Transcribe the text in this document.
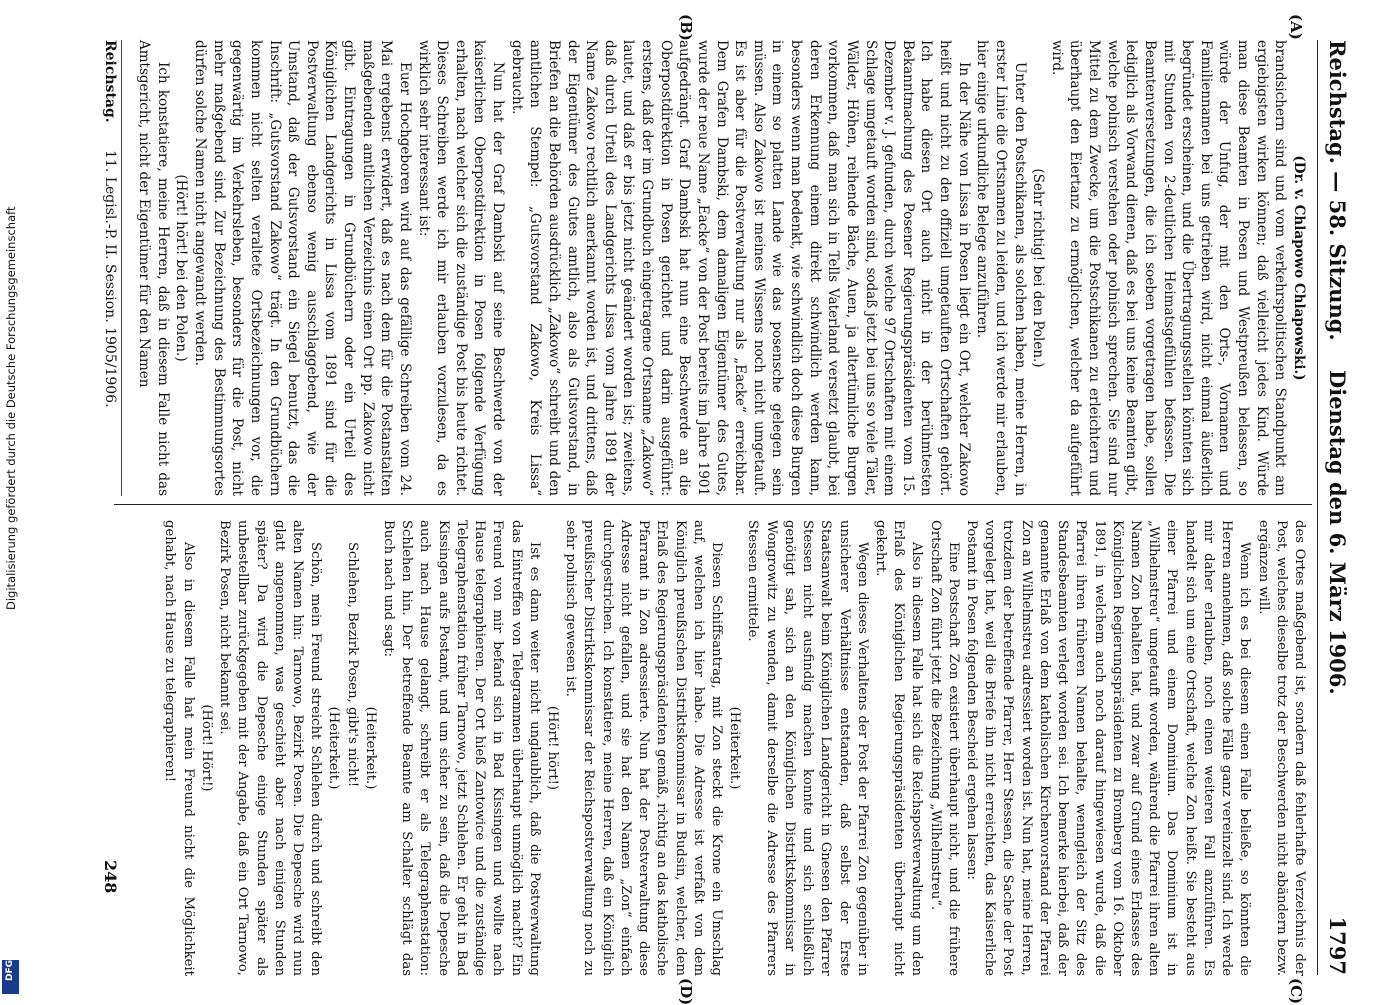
Reichstag. — 58. Sitzung.
Dienstag den 6. März 1906.
1797
(A)
(B)
(C)
(D)

(Dr. v. Chlapowo Chlapowski.)

brandsichern sind und vom verkehrspolitischen Standpunkt am ergiebigsten wirken können; daß vielleicht jedes Kind. Würde man diese Beamten in Posen und Westpreußen belassen, so würde der Unfug, der mit den Orts-, Vornamen und Familiennamen bei uns getrieben wird, nicht einmal äußerlich begründet erscheinen, und die Übertragungsstellen könnten sich mit Stunden von 2-deutlichen Heimatsgefühlen befassen. Die Beamtenversetzungen, die ich soeben vorgetragen habe, sollen lediglich als Vorwand dienen, daß es bei uns keine Beamten gibt, welche polnisch verstehen oder polnisch sprechen. Sie sind nur Mittel zu dem Zwecke, um die Postschikanen zu erleichtern und überhaupt den Eiertanz zu ermöglichen, welcher da aufgeführt wird.

(Sehr richtig! bei den Polen.)

Unter den Postschikanen, als solchen haben, meine Herren, in erster Linie die Ortsnamen zu leiden, und ich werde mir erlauben, hier einige urkundliche Belege anzuführen.

In der Nähe von Lissa in Posen liegt ein Ort, welcher Zakowo heißt und nicht zu den offiziell umgetauften Ortschaften gehört. Ich habe diesen Ort auch nicht in der berühmtesten Bekanntmachung des Posener Regierungspräsidenten vom 15. Dezember v. J. gefunden, durch welche 97 Ortschaften mit einem Schlage umgetauft worden sind, sodaß jetzt bei uns so viele Täler, Wälder, Höhen, reihende Bäche, Auen, ja altertümliche Burgen vorkommen, daß man sich in Tells Vaterland versetzt glaubt, bei deren Erkennung einem direkt schwindlich werden kann, besonders wenn man bedenkt, wie schwindlich doch diese Burgen in einem so platten Lande wie das posensche gelegen sein müssen. Also Zakowo ist meines Wissens noch nicht umgetauft. Es ist aber für die Postverwaltung nur als „Eacke“ erreichbar. Dem Grafen Dambski, dem damaligen Eigentümer des Gutes, wurde der neue Name „Eacke“ von der Post bereits im Jahre 1901 aufgedrängt. Graf Dambski hat nun eine Beschwerde an die Oberpostdirektion in Posen gerichtet und darin ausgeführt: erstens, daß der im Grundbuch eingetragene Ortsname „Zakowo“ lautet, und daß er bis jetzt nicht geändert worden ist; zweitens, daß durch Urteil des Landgerichts Lissa vom Jahre 1891 der Name Zakowo rechtlich anerkannt worden ist, und drittens, daß der Eigentümer des Gutes amtlich, also als Gutsvorstand, in Briefen an die Behörden ausdrücklich „Zakowo“ schreibt und den amtlichen Stempel: „Gutsvorstand Zakowo, Kreis Lissa“ gebraucht.

Nun hat der Graf Dambski auf seine Beschwerde von der kaiserlichen Oberpostdirektion in Posen folgende Verfügung erhalten, nach welcher sich die zuständige Post bis heute richtet. Dieses Schreiben werde ich mir erlauben vorzulesen, da es wirklich sehr interessant ist:

Euer Hochgeboren wird auf das gefällige Schreiben vom 24. Mai ergebenst erwidert, daß es nach dem für die Postanstalten maßgebenden amtlichen Verzeichnis einen Ort pp. Zakowo nicht gibt. Eintragungen in Grundbüchern oder ein Urteil des Königlichen Landgerichts in Lissa vom 1891 sind für die Postverwaltung ebenso wenig ausschlaggebend, wie der Umstand, daß der Gutsvorstand ein Siegel benutzt, das die Inschrift: „Gutsvorstand Zakowo“ trägt. In den Grundbüchern kommen nicht selten veraltete Ortsbezeichnungen vor, die gegenwärtig im Verkehrsleben, besonders für die Post, nicht mehr maßgebend sind. Zur Bezeichnung des Bestimmungsortes dürfen solche Namen nicht angewandt werden.

(Hört! hört! bei den Polen.)

Ich konstatiere, meine Herren, daß in diesem Falle nicht das Amtsgericht, nicht der Eigentümer für den Namen

des Ortes maßgebend ist, sondern daß fehlerhafte Verzeichnis der Post, welches dieselbe trotz der Beschwerden nicht abändern bezw. ergänzen will.

Wenn ich es bei diesem einen Falle beließe, so könnten die Herren annehmen, daß solche Fälle ganz vereinzelt sind. Ich werde mir daher erlauben, noch einen weiteren Fall anzuführen. Es handelt sich um eine Ortschaft, welche Zon heißt. Sie besteht aus einer Pfarrei und einem Dominium. Das Dominium ist in „Wilhelmstreu“ umgetauft worden, während die Pfarrei ihren alten Namen Zon behalten hat, und zwar auf Grund eines Erlasses des Königlichen Regierungspräsidenten zu Bromberg vom 16. Oktober 1891, in welchem auch noch darauf hingewiesen wurde, daß die Pfarrei ihren früheren Namen behalte, wenngleich der Sitz des Standesbeamten verlegt worden sei. Ich bemerke hierbei, daß der genannte Erlaß von dem katholischen Kirchenvorstand der Pfarrei Zon an Wilhelmstreu adressiert worden ist. Nun hat, meine Herren, trotzdem der betreffende Pfarrer, Herr Stessen, die Sache der Post vorgelegt hat, weil die Briefe ihn nicht erreichten, das Kaiserliche Postamt in Posen folgenden Bescheid ergehen lassen:

Eine Postschaft Zon existiert überhaupt nicht, und die frühere Ortschaft Zon führt jetzt die Bezeichnung „Wilhelmstreu“.

Also in diesem Falle hat sich die Reichspostverwaltung um den Erlaß des Königlichen Regierungspräsidenten überhaupt nicht gekehrt.

Wegen dieses Verhaltens der Post der Pfarrei Zon gegenüber in unsicherer Verhältnisse entstanden, daß selbst der Erste Staatsanwalt beim Königlichen Landgericht in Gnesen den Pfarrer Stessen nicht ausfindig machen konnte und sich schließlich genötigt sah, sich an den Königlichen Distriktskommissar in Wongrowitz zu wenden, damit derselbe die Adresse des Pfarrers Stessen ermittele.

(Heiterkeit.)

Diesen Schiffsantrag, mit Zon steckt die Krone ein Umschlag auf, welchen ich hier habe. Die Adresse ist verfaßt von dem Königlich preußischen Distriktskommissar in Budsin, welcher, dem Erlaß des Regierungspräsidenten gemäß, richtig an das katholische Pfarramt in Zon adressierte. Nun hat der Postverwaltung diese Adresse nicht gefallen, und sie hat den Namen „Zon“ einfach durchgestrichen. Ich konstatiere, meine Herren, daß ein Königlich preußischer Distriktskommissar der Reichspostverwaltung noch zu sehr polnisch gewesen ist.

(Hört! hört!)

Ist es dann weiter nicht unglaublich, daß die Postverwaltung das Eintreffen von Telegrammen überhaupt unmöglich macht? Ein Freund von mir befand sich in Bad Kissingen und wollte nach Hause telegraphieren. Der Ort hieß Zantowice und die zuständige Telegraphenstation früher Tarnowo, jetzt Schlehen. Er geht in Bad Kissingen aufs Postamt, und um sicher zu sein, daß die Depesche auch nach Hause gelangt, schreibt er als Telegraphenstation: Schlehen hin. Der betreffende Beamte am Schalter schlägt das Buch nach und sagt:

(Heiterkeit.)

Schlehen, Bezirk Posen, gibt's nicht!

(Heiterkeit.)

Schön, mein Freund streicht Schlehen durch und schreibt den alten Namen hin: Tarnowo, Bezirk Posen. Die Depesche wird nun glatt angenommen, was geschieht aber nach einigen Stunden später? Da wird die Depesche einige Stunden später als unbestellbar zurückgegeben mit der Angabe, daß ein Ort Tarnowo, Bezirk Posen, nicht bekannt sei.

(Hört! Hört!)

Also in diesem Falle hat mein Freund nicht die Möglichkeit gehabt, nach Hause zu telegraphieren!

Reichstag.
11. Legisl.-P. II. Session. 1905/1906.
248
Digitalisierung gefördert durch die Deutsche Forschungsgemeinschaft
DFG
